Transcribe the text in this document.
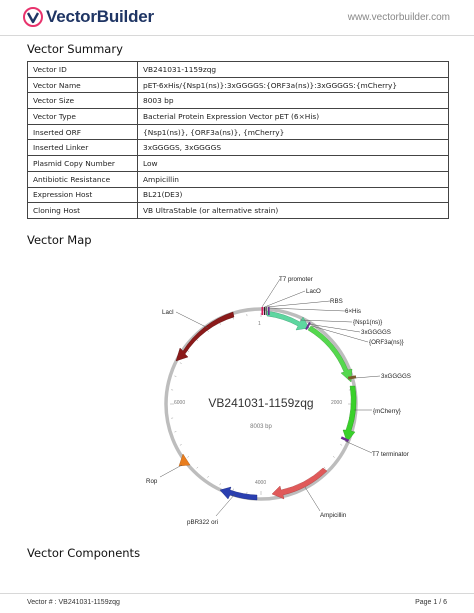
VectorBuilder	www.vectorbuilder.com
Vector Summary
Vector ID	VB241031-1159zqg
Vector Name	pET-6xHis/{Nsp1(ns)}:3xGGGGS:{ORF3a(ns)}:3xGGGGS:{mCherry}
Vector Size	8003 bp
Vector Type	Bacterial Protein Expression Vector pET (6×His)
Inserted ORF	{Nsp1(ns)}, {ORF3a(ns)}, {mCherry}
Inserted Linker	3xGGGGS, 3xGGGGS
Plasmid Copy Number	Low
Antibiotic Resistance	Ampicillin
Expression Host	BL21(DE3)
Cloning Host	VB UltraStable (or alternative strain)
Vector Map
1
2000
4000
6000
T7 promoter
LacO
RBS
6×His
{Nsp1(ns)}
3xGGGGS
{ORF3a(ns)}
3xGGGGS
{mCherry}
T7 terminator
Ampicillin
pBR322 ori
Rop
LacI
VB241031-1159zqg
8003 bp
Vector Components
Vector # : VB241031-1159zqg	Page 1 / 6
